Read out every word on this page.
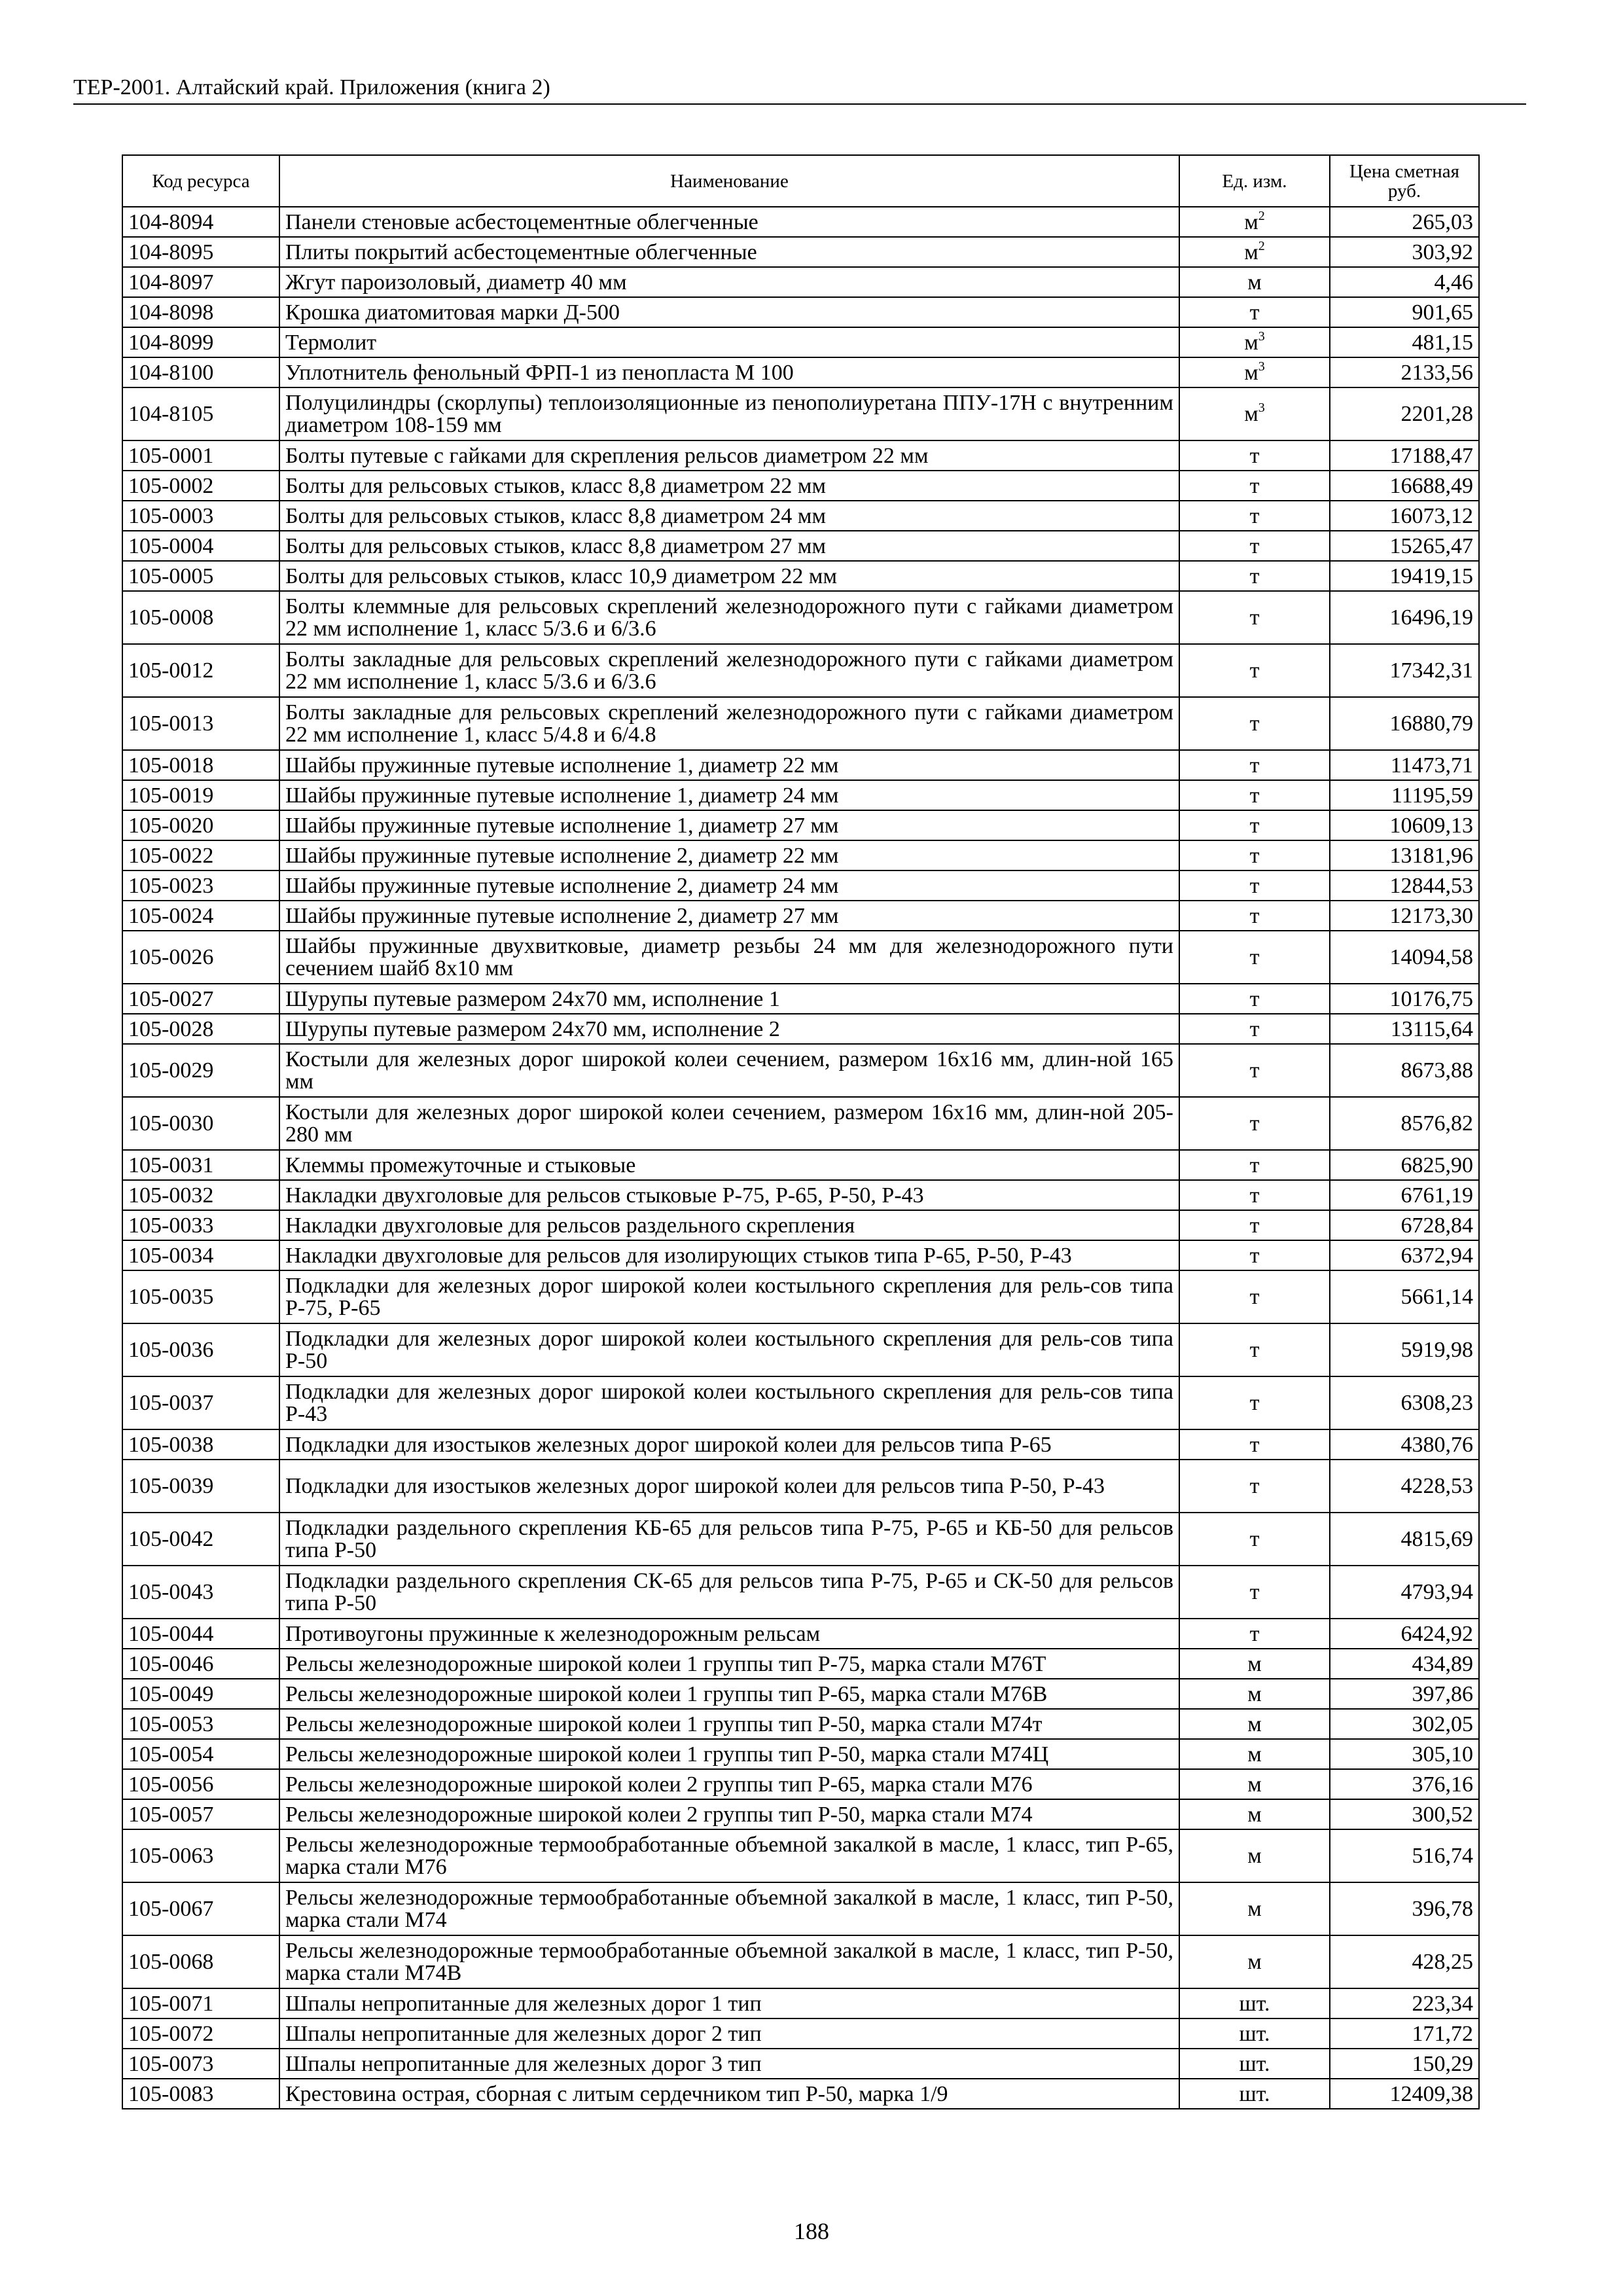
ТЕР-2001. Алтайский край. Приложения (книга 2)
Код ресурса	Наименование	Ед. изм.	Цена сметная руб.
104-8094	Панели стеновые асбестоцементные облегченные	$м^2$	265,03
104-8095	Плиты покрытий асбестоцементные облегченные	$м^2$	303,92
104-8097	Жгут пароизоловый, диаметр 40 мм	м	4,46
104-8098	Крошка диатомитовая марки Д-500	т	901,65
104-8099	Термолит	$м^3$	481,15
104-8100	Уплотнитель фенольный ФРП-1 из пенопласта М 100	$м^3$	2133,56
104-8105	Полуцилиндры (скорлупы) теплоизоляционные из пенополиуретана ППУ-17Н с внутренним диаметром 108-159 мм	$м^3$	2201,28
105-0001	Болты путевые с гайками для скрепления рельсов диаметром 22 мм	т	17188,47
105-0002	Болты для рельсовых стыков, класс 8,8 диаметром 22 мм	т	16688,49
105-0003	Болты для рельсовых стыков, класс 8,8 диаметром 24 мм	т	16073,12
105-0004	Болты для рельсовых стыков, класс 8,8 диаметром 27 мм	т	15265,47
105-0005	Болты для рельсовых стыков, класс 10,9 диаметром 22 мм	т	19419,15
105-0008	Болты клеммные для рельсовых скреплений железнодорожного пути с гайками диаметром 22 мм исполнение 1, класс 5/3.6 и 6/3.6	т	16496,19
105-0012	Болты закладные для рельсовых скреплений железнодорожного пути с гайками диаметром 22 мм исполнение 1, класс 5/3.6 и 6/3.6	т	17342,31
105-0013	Болты закладные для рельсовых скреплений железнодорожного пути с гайками диаметром 22 мм исполнение 1, класс 5/4.8 и 6/4.8	т	16880,79
105-0018	Шайбы пружинные путевые исполнение 1, диаметр 22 мм	т	11473,71
105-0019	Шайбы пружинные путевые исполнение 1, диаметр 24 мм	т	11195,59
105-0020	Шайбы пружинные путевые исполнение 1, диаметр 27 мм	т	10609,13
105-0022	Шайбы пружинные путевые исполнение 2, диаметр 22 мм	т	13181,96
105-0023	Шайбы пружинные путевые исполнение 2, диаметр 24 мм	т	12844,53
105-0024	Шайбы пружинные путевые исполнение 2, диаметр 27 мм	т	12173,30
105-0026	Шайбы пружинные двухвитковые, диаметр резьбы 24 мм для железнодорожного пути сечением шайб 8х10 мм	т	14094,58
105-0027	Шурупы путевые размером 24х70 мм, исполнение 1	т	10176,75
105-0028	Шурупы путевые размером 24х70 мм, исполнение 2	т	13115,64
105-0029	Костыли для железных дорог широкой колеи сечением, размером 16х16 мм, длин-ной 165 мм	т	8673,88
105-0030	Костыли для железных дорог широкой колеи сечением, размером 16х16 мм, длин-ной 205-280 мм	т	8576,82
105-0031	Клеммы промежуточные и стыковые	т	6825,90
105-0032	Накладки двухголовые для рельсов стыковые Р-75, Р-65, Р-50, Р-43	т	6761,19
105-0033	Накладки двухголовые для рельсов раздельного скрепления	т	6728,84
105-0034	Накладки двухголовые для рельсов для изолирующих стыков типа Р-65, Р-50, Р-43	т	6372,94
105-0035	Подкладки для железных дорог широкой колеи костыльного скрепления для рель-сов типа Р-75, Р-65	т	5661,14
105-0036	Подкладки для железных дорог широкой колеи костыльного скрепления для рель-сов типа Р-50	т	5919,98
105-0037	Подкладки для железных дорог широкой колеи костыльного скрепления для рель-сов типа Р-43	т	6308,23
105-0038	Подкладки для изостыков железных дорог широкой колеи для рельсов типа Р-65	т	4380,76
105-0039	Подкладки для изостыков железных дорог широкой колеи для рельсов типа Р-50, Р-43	т	4228,53
105-0042	Подкладки раздельного скрепления КБ-65 для рельсов типа Р-75, Р-65 и КБ-50 для рельсов типа Р-50	т	4815,69
105-0043	Подкладки раздельного скрепления СК-65 для рельсов типа Р-75, Р-65 и СК-50 для рельсов типа Р-50	т	4793,94
105-0044	Противоугоны пружинные к железнодорожным рельсам	т	6424,92
105-0046	Рельсы железнодорожные широкой колеи 1 группы тип Р-75, марка стали М76Т	м	434,89
105-0049	Рельсы железнодорожные широкой колеи 1 группы тип Р-65, марка стали М76В	м	397,86
105-0053	Рельсы железнодорожные широкой колеи 1 группы тип Р-50, марка стали М74т	м	302,05
105-0054	Рельсы железнодорожные широкой колеи 1 группы тип Р-50, марка стали М74Ц	м	305,10
105-0056	Рельсы железнодорожные широкой колеи 2 группы тип Р-65, марка стали М76	м	376,16
105-0057	Рельсы железнодорожные широкой колеи 2 группы тип Р-50, марка стали М74	м	300,52
105-0063	Рельсы железнодорожные термообработанные объемной закалкой в масле, 1 класс, тип Р-65, марка стали М76	м	516,74
105-0067	Рельсы железнодорожные термообработанные объемной закалкой в масле, 1 класс, тип Р-50, марка стали М74	м	396,78
105-0068	Рельсы железнодорожные термообработанные объемной закалкой в масле, 1 класс, тип Р-50, марка стали М74В	м	428,25
105-0071	Шпалы непропитанные для железных дорог 1 тип	шт.	223,34
105-0072	Шпалы непропитанные для железных дорог 2 тип	шт.	171,72
105-0073	Шпалы непропитанные для железных дорог 3 тип	шт.	150,29
105-0083	Крестовина острая, сборная с литым сердечником тип Р-50, марка 1/9	шт.	12409,38
188
